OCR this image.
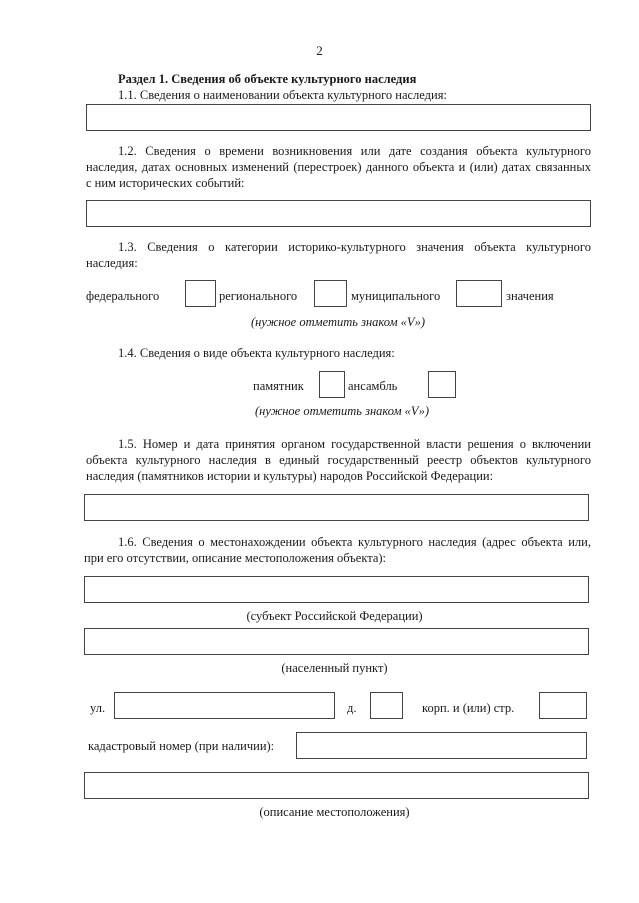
2
Раздел 1. Сведения об объекте культурного наследия
1.1. Сведения о наименовании объекта культурного наследия:
1.2. Сведения о времени возникновения или дате создания объекта культурного
наследия, датах основных изменений (перестроек) данного объекта и (или) датах связанных
с ним исторических событий:
1.3. Сведения о категории историко-культурного значения объекта культурного
наследия:
федерального	регионального	муниципального	значения
(нужное отметить знаком «V»)
1.4. Сведения о виде объекта культурного наследия:
памятник	ансамбль
(нужное отметить знаком «V»)
1.5. Номер и дата принятия органом государственной власти решения о включении
объекта культурного наследия в единый государственный реестр объектов культурного
наследия (памятников истории и культуры) народов Российской Федерации:
1.6. Сведения о местонахождении объекта культурного наследия (адрес объекта или,
при его отсутствии, описание местоположения объекта):
(субъект Российской Федерации)
(населенный пункт)
ул.	д.	корп. и (или) стр.
кадастровый номер (при наличии):
(описание местоположения)
